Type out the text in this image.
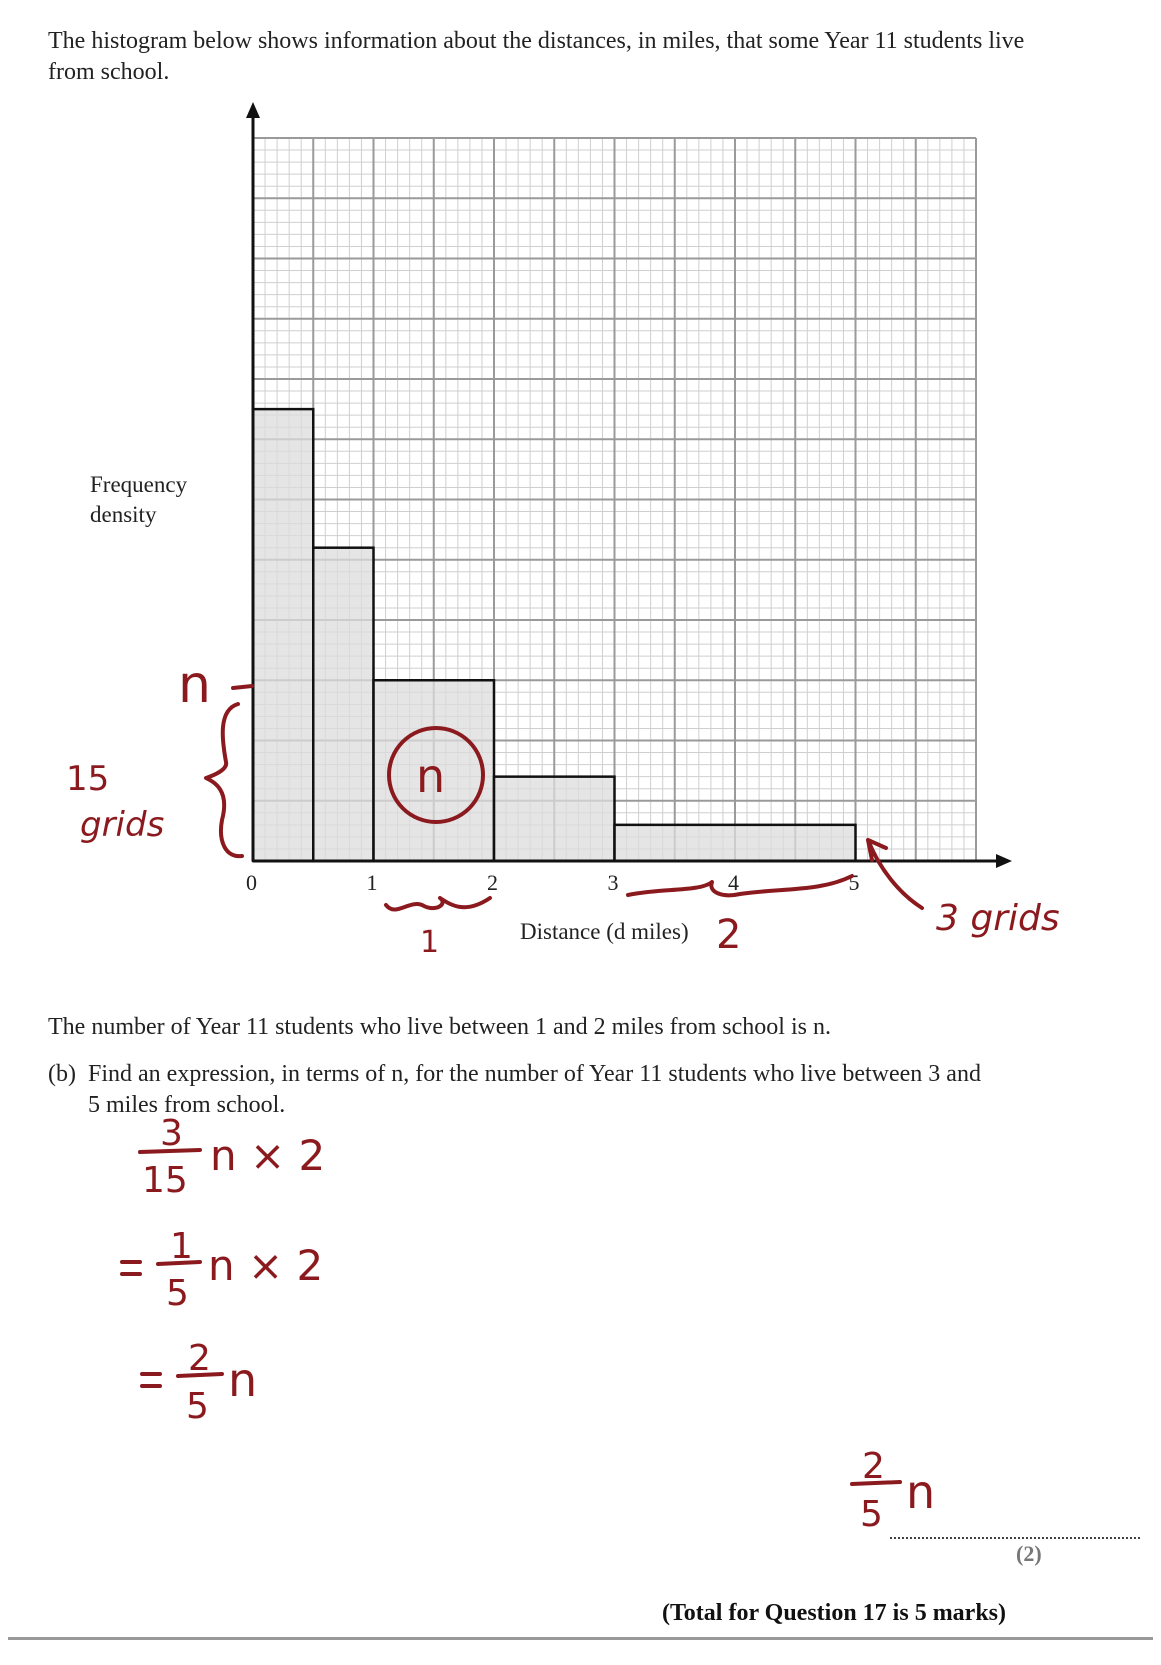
The histogram below shows information about the distances, in miles, that some Year 11 students live from school.
0	1	2	3	4	5
Frequency
density
Distance (d miles)
n
15
grids
n
1	2	3 grids
The number of Year 11 students who live between 1 and 2 miles from school is n.
(b) Find an expression, in terms of n, for the number of Year 11 students who live between 3 and 5 miles from school.
3
15
n × 2
1
5
n × 2
2
5 n
2
5 n
(2)
(Total for Question 17 is 5 marks)
